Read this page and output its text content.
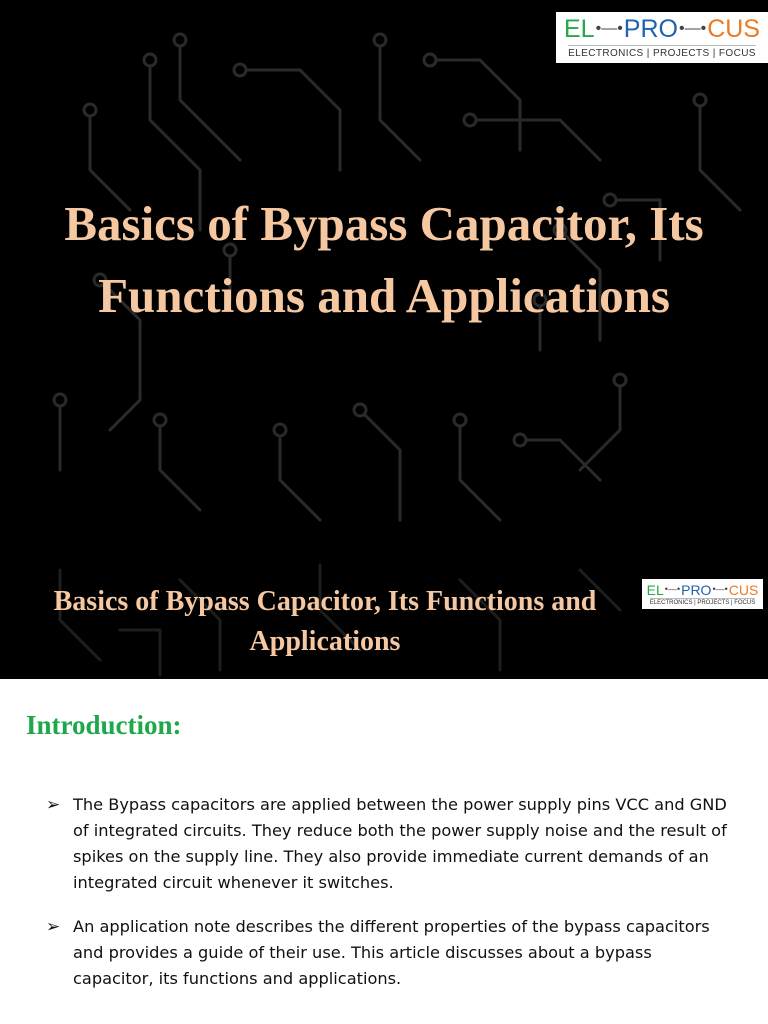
EL •—• PRO •—• CUS
ELECTRONICS | PROJECTS | FOCUS
Basics of Bypass Capacitor, Its Functions and Applications
Basics of Bypass Capacitor, Its Functions and Applications
EL •—• PRO •—• CUS
ELECTRONICS | PROJECTS | FOCUS
Introduction:
➢ The Bypass capacitors are applied between the power supply pins VCC and GND of integrated circuits. They reduce both the power supply noise and the result of spikes on the supply line. They also provide immediate current demands of an integrated circuit whenever it switches.
➢ An application note describes the different properties of the bypass capacitors and provides a guide of their use. This article discusses about a bypass capacitor, its functions and applications.
